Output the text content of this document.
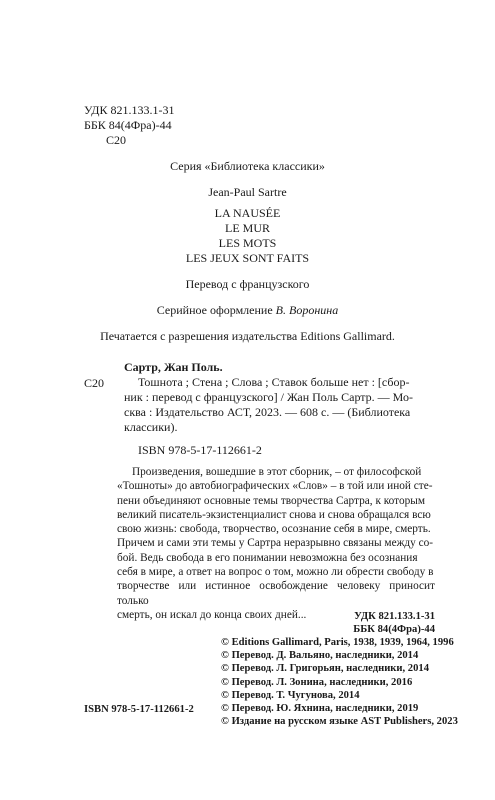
УДК 821.133.1-31
ББК 84(4Фра)-44
С20
Серия «Библиотека классики»
Jean-Paul Sartre
LA NAUSÉE
LE MUR
LES MOTS
LES JEUX SONT FAITS
Перевод с французского
Серийное оформление В. Воронина
Печатается с разрешения издательства Editions Gallimard.
С20
Сартр, Жан Поль.
Тошнота ; Стена ; Слова ; Ставок больше нет : [сбор-
ник : перевод с французского] / Жан Поль Сартр. — Мо-
сква : Издательство АСТ, 2023. — 608 с. — (Библиотека
классики).
ISBN 978-5-17-112661-2
Произведения, вошедшие в этот сборник, – от философской
«Тошноты» до автобиографических «Слов» – в той или иной сте-
пени объединяют основные темы творчества Сартра, к которым
великий писатель-экзистенциалист снова и снова обращался всю
свою жизнь: свобода, творчество, осознание себя в мире, смерть.
Причем и сами эти темы у Сартра неразрывно связаны между со-
бой. Ведь свобода в его понимании невозможна без осознания
себя в мире, а ответ на вопрос о том, можно ли обрести свободу в
творчестве или истинное освобождение человеку приносит только
смерть, он искал до конца своих дней...	УДК 821.133.1-31
ББК 84(4Фра)-44
© Editions Gallimard, Paris, 1938, 1939, 1964, 1996
© Перевод. Д. Вальяно, наследники, 2014
© Перевод. Л. Григорьян, наследники, 2014
© Перевод. Л. Зонина, наследники, 2016
© Перевод. Т. Чугунова, 2014
© Перевод. Ю. Яхнина, наследники, 2019
© Издание на русском языке AST Publishers, 2023
ISBN 978-5-17-112661-2
